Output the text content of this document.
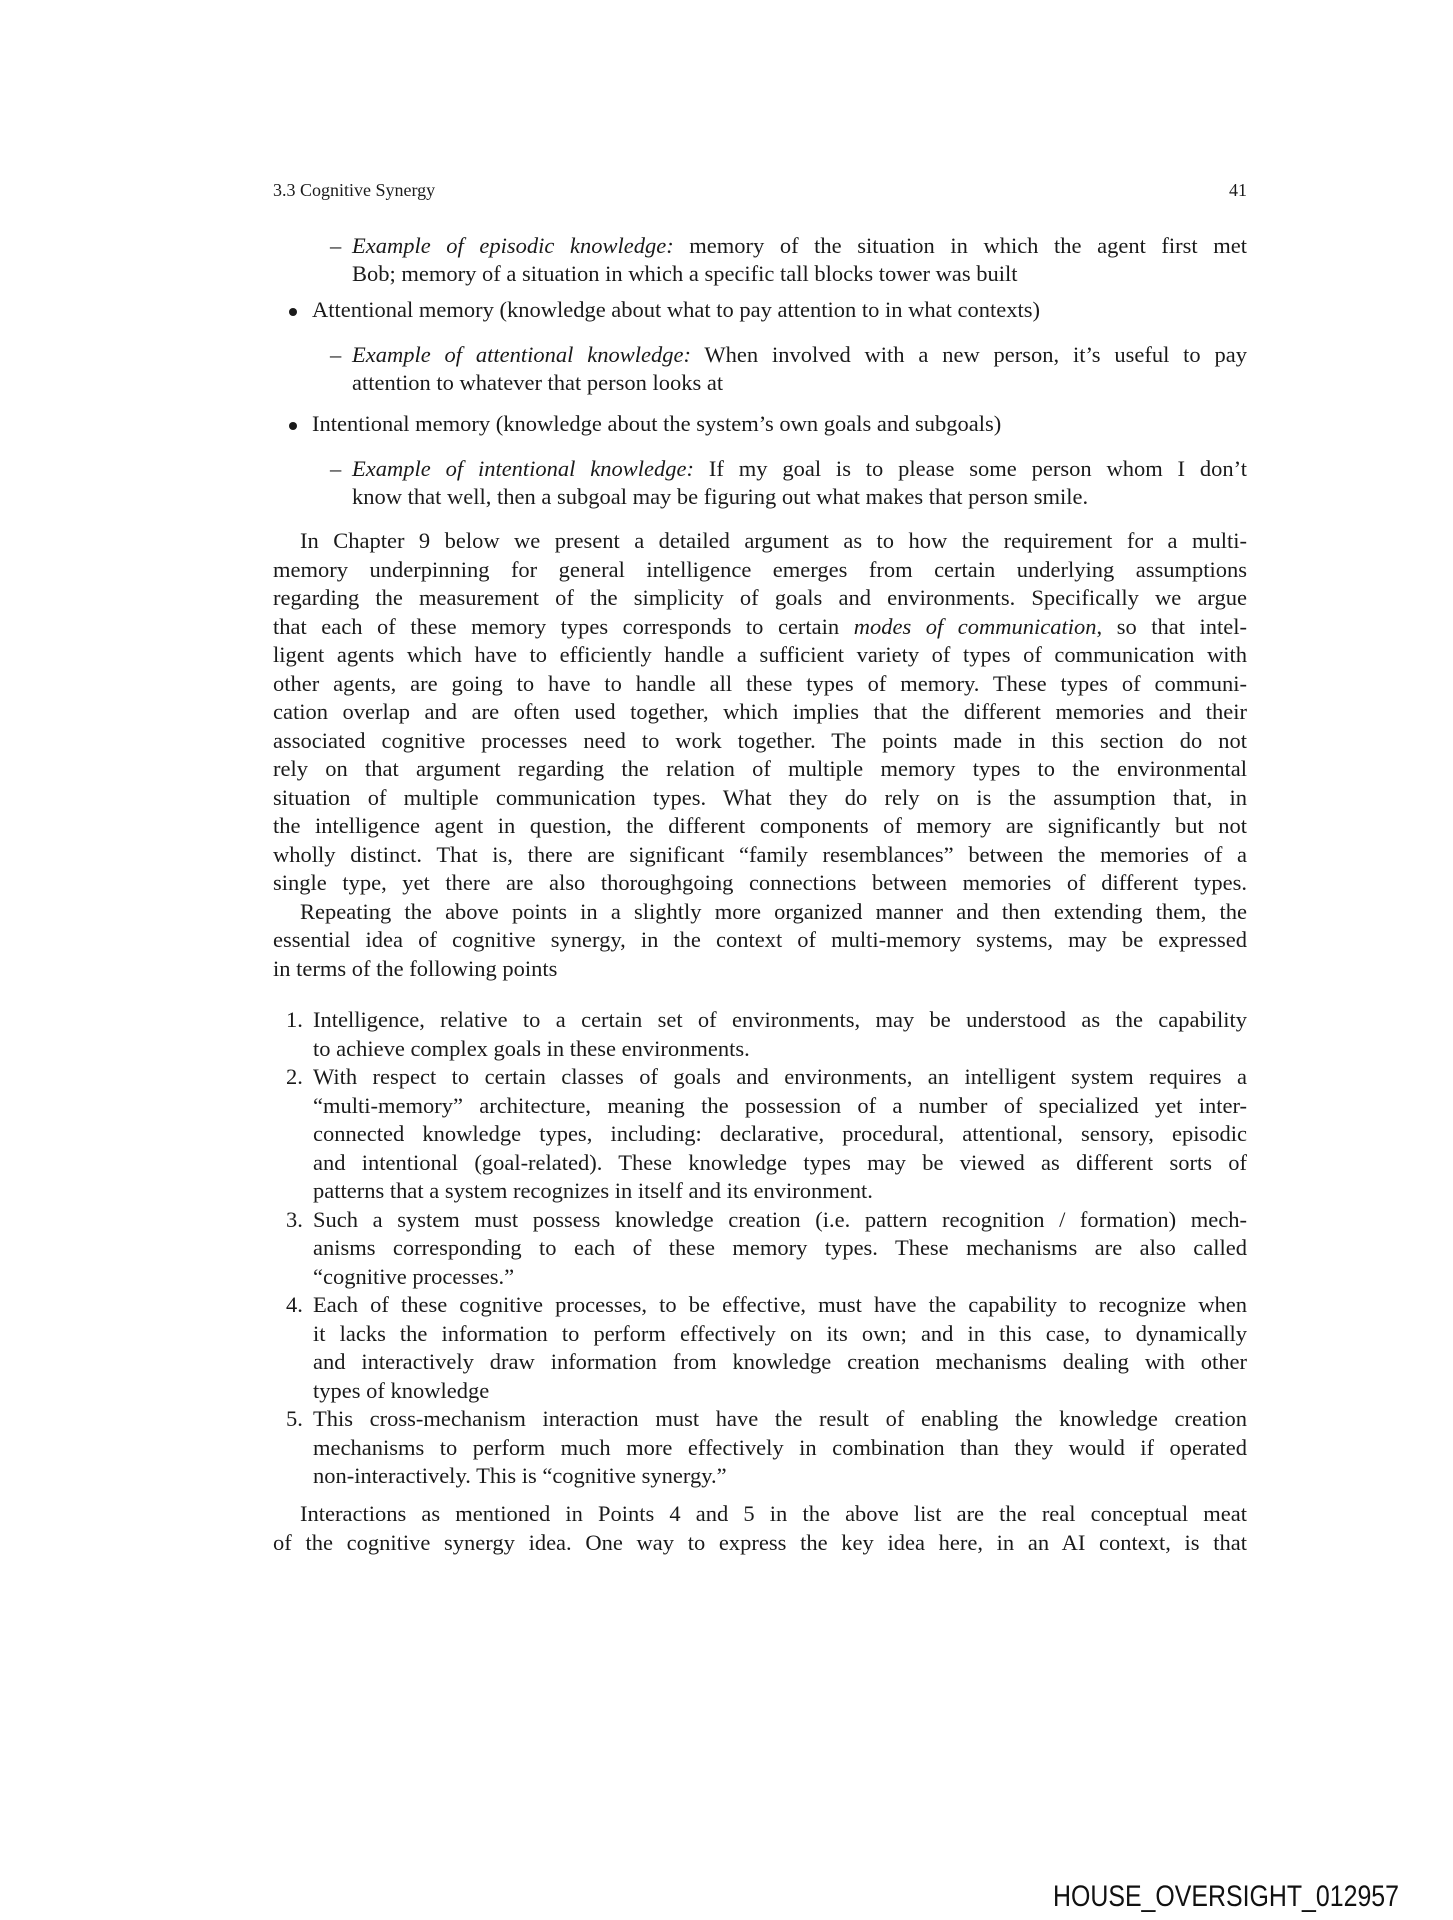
3.3 Cognitive Synergy	41
– Example of episodic knowledge: memory of the situation in which the agent first met
Bob; memory of a situation in which a specific tall blocks tower was built
Attentional memory (knowledge about what to pay attention to in what contexts)
– Example of attentional knowledge: When involved with a new person, it’s useful to pay
attention to whatever that person looks at
Intentional memory (knowledge about the system’s own goals and subgoals)
– Example of intentional knowledge: If my goal is to please some person whom I don’t
know that well, then a subgoal may be figuring out what makes that person smile.
In Chapter 9 below we present a detailed argument as to how the requirement for a multi-
memory underpinning for general intelligence emerges from certain underlying assumptions
regarding the measurement of the simplicity of goals and environments. Specifically we argue
that each of these memory types corresponds to certain modes of communication, so that intel-
ligent agents which have to efficiently handle a sufficient variety of types of communication with
other agents, are going to have to handle all these types of memory. These types of communi-
cation overlap and are often used together, which implies that the different memories and their
associated cognitive processes need to work together. The points made in this section do not
rely on that argument regarding the relation of multiple memory types to the environmental
situation of multiple communication types. What they do rely on is the assumption that, in
the intelligence agent in question, the different components of memory are significantly but not
wholly distinct. That is, there are significant “family resemblances” between the memories of a
single type, yet there are also thoroughgoing connections between memories of different types.
Repeating the above points in a slightly more organized manner and then extending them, the
essential idea of cognitive synergy, in the context of multi-memory systems, may be expressed
in terms of the following points
1. Intelligence, relative to a certain set of environments, may be understood as the capability
to achieve complex goals in these environments.
2. With respect to certain classes of goals and environments, an intelligent system requires a
“multi-memory” architecture, meaning the possession of a number of specialized yet inter-
connected knowledge types, including: declarative, procedural, attentional, sensory, episodic
and intentional (goal-related). These knowledge types may be viewed as different sorts of
patterns that a system recognizes in itself and its environment.
3. Such a system must possess knowledge creation (i.e. pattern recognition / formation) mech-
anisms corresponding to each of these memory types. These mechanisms are also called
“cognitive processes.”
4. Each of these cognitive processes, to be effective, must have the capability to recognize when
it lacks the information to perform effectively on its own; and in this case, to dynamically
and interactively draw information from knowledge creation mechanisms dealing with other
types of knowledge
5. This cross-mechanism interaction must have the result of enabling the knowledge creation
mechanisms to perform much more effectively in combination than they would if operated
non-interactively. This is “cognitive synergy.”
Interactions as mentioned in Points 4 and 5 in the above list are the real conceptual meat
of the cognitive synergy idea. One way to express the key idea here, in an AI context, is that
HOUSE_OVERSIGHT_012957
